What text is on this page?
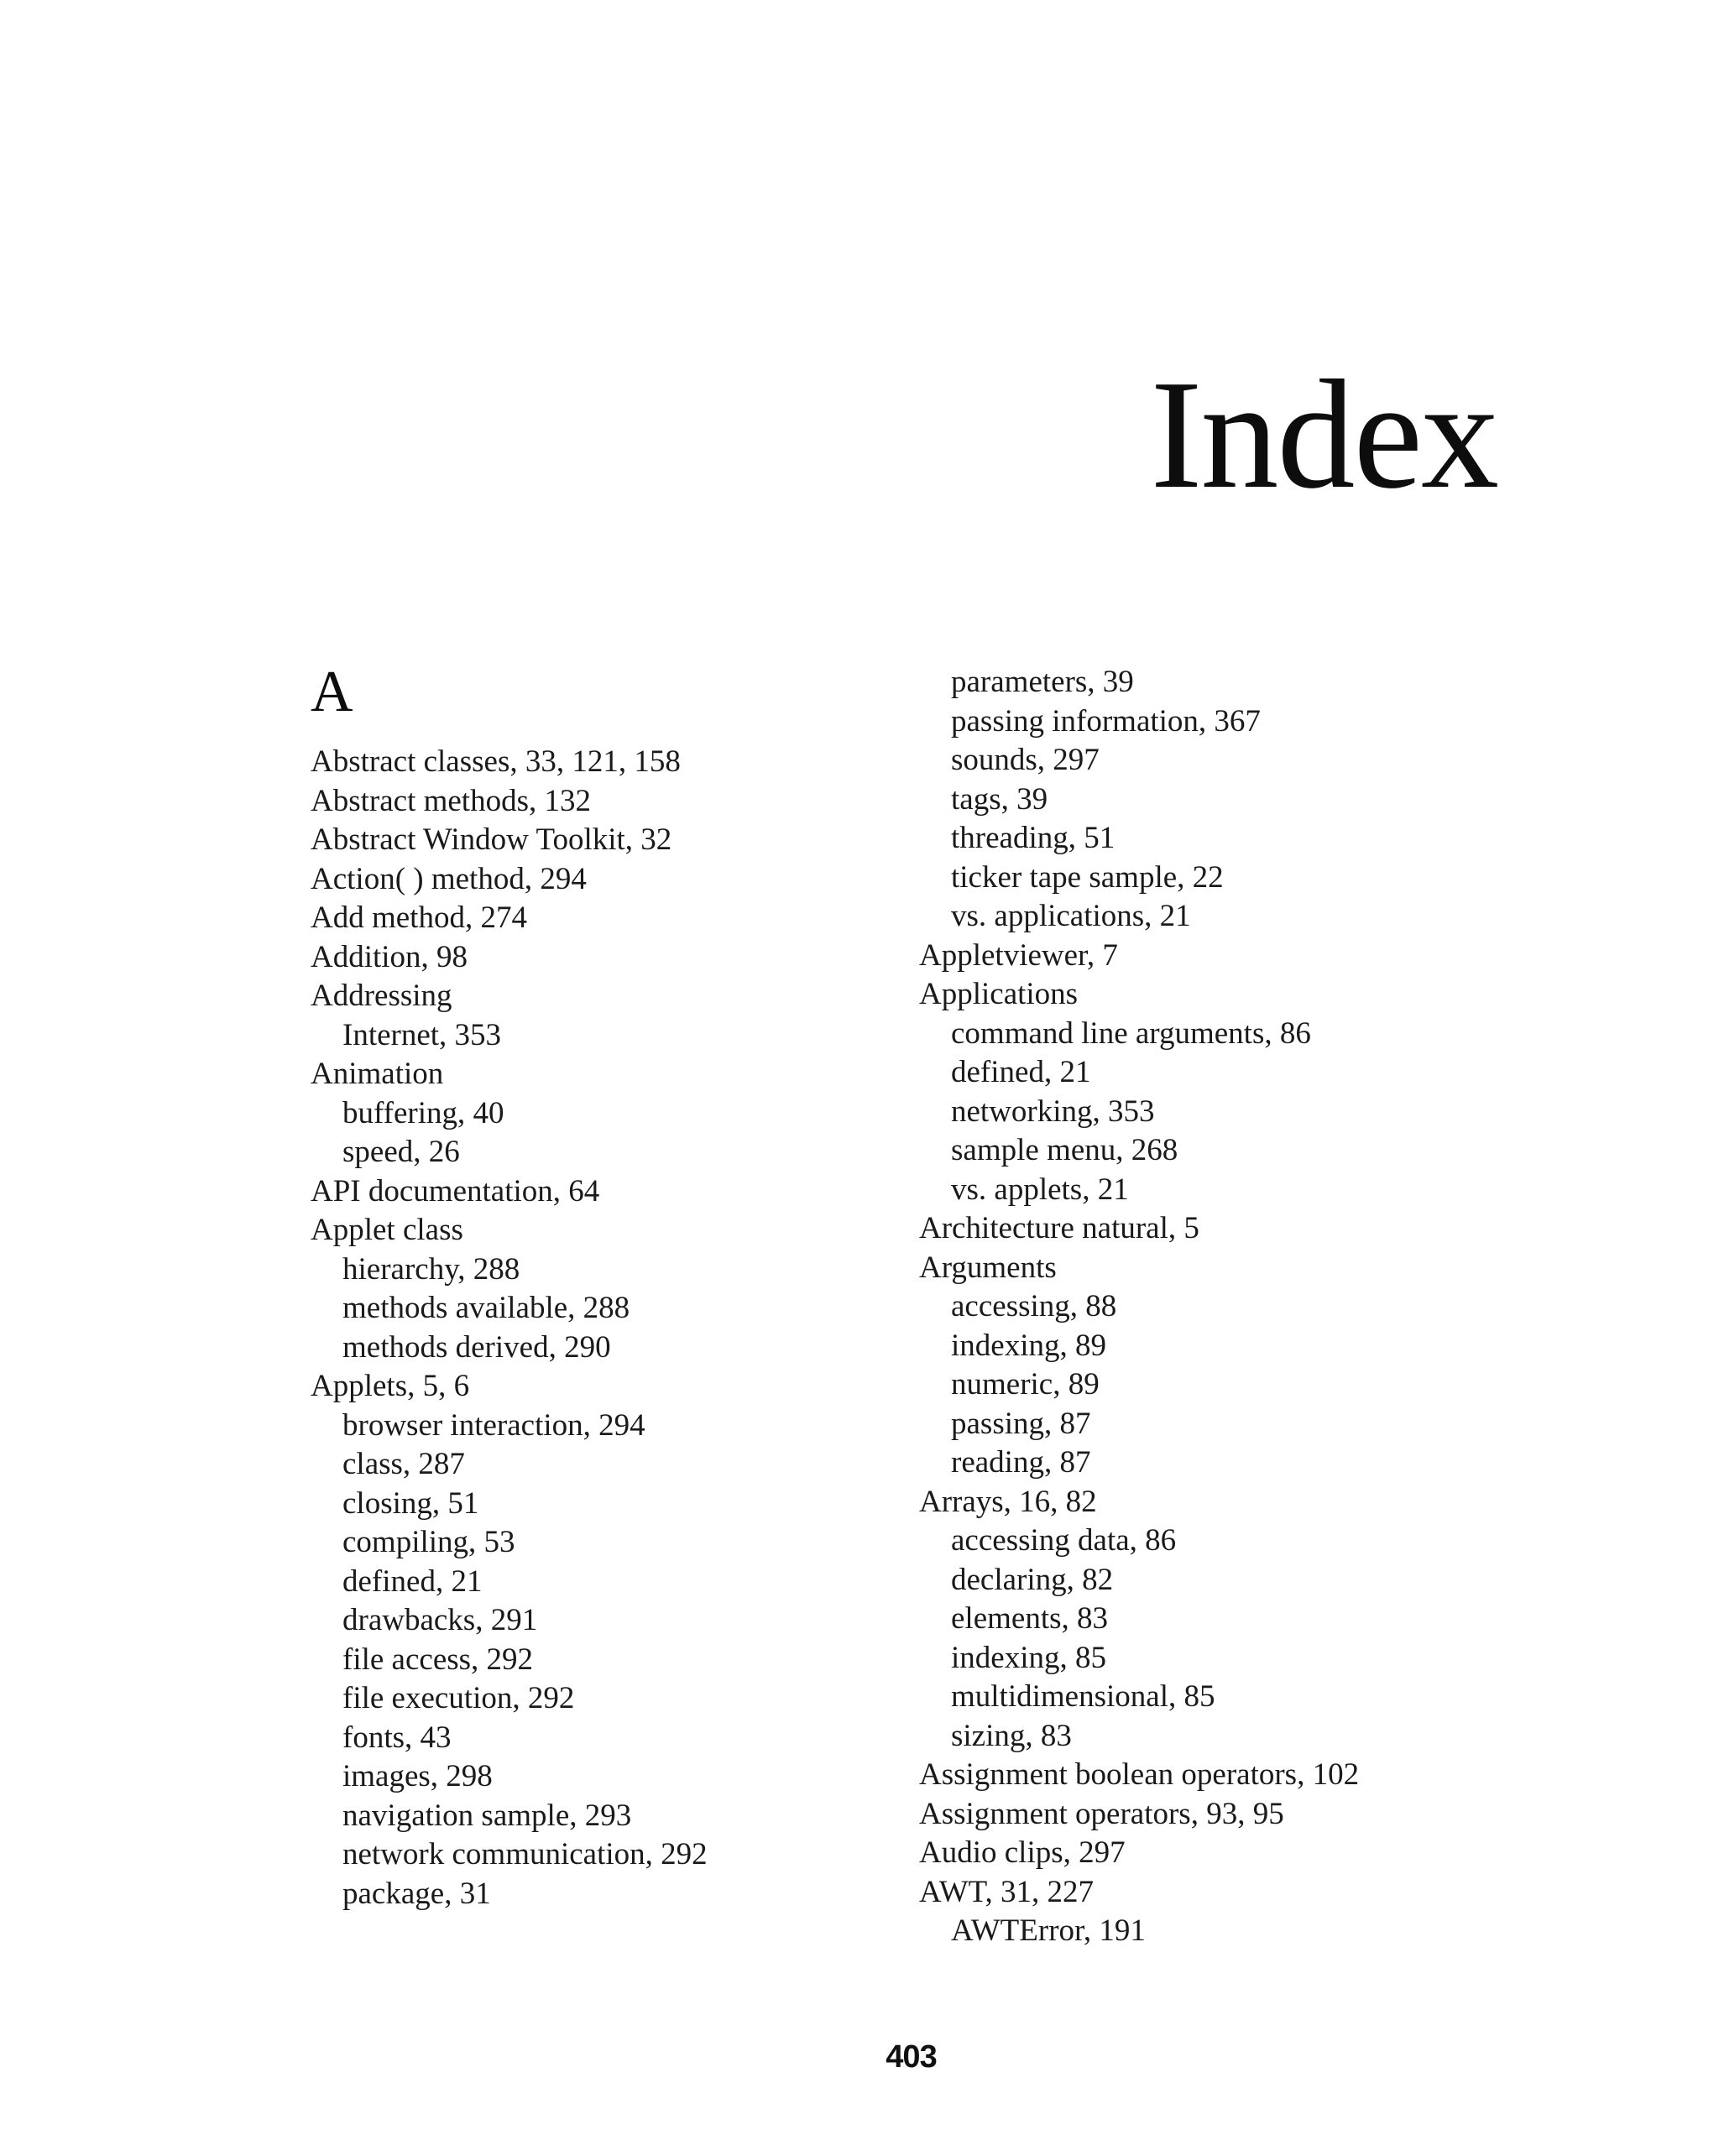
Index
A
Abstract classes, 33, 121, 158
Abstract methods, 132
Abstract Window Toolkit, 32
Action( ) method, 294
Add method, 274
Addition, 98
Addressing
Internet, 353
Animation
buffering, 40
speed, 26
API documentation, 64
Applet class
hierarchy, 288
methods available, 288
methods derived, 290
Applets, 5, 6
browser interaction, 294
class, 287
closing, 51
compiling, 53
defined, 21
drawbacks, 291
file access, 292
file execution, 292
fonts, 43
images, 298
navigation sample, 293
network communication, 292
package, 31
parameters, 39
passing information, 367
sounds, 297
tags, 39
threading, 51
ticker tape sample, 22
vs. applications, 21
Appletviewer, 7
Applications
command line arguments, 86
defined, 21
networking, 353
sample menu, 268
vs. applets, 21
Architecture natural, 5
Arguments
accessing, 88
indexing, 89
numeric, 89
passing, 87
reading, 87
Arrays, 16, 82
accessing data, 86
declaring, 82
elements, 83
indexing, 85
multidimensional, 85
sizing, 83
Assignment boolean operators, 102
Assignment operators, 93, 95
Audio clips, 297
AWT, 31, 227
AWTError, 191
403
